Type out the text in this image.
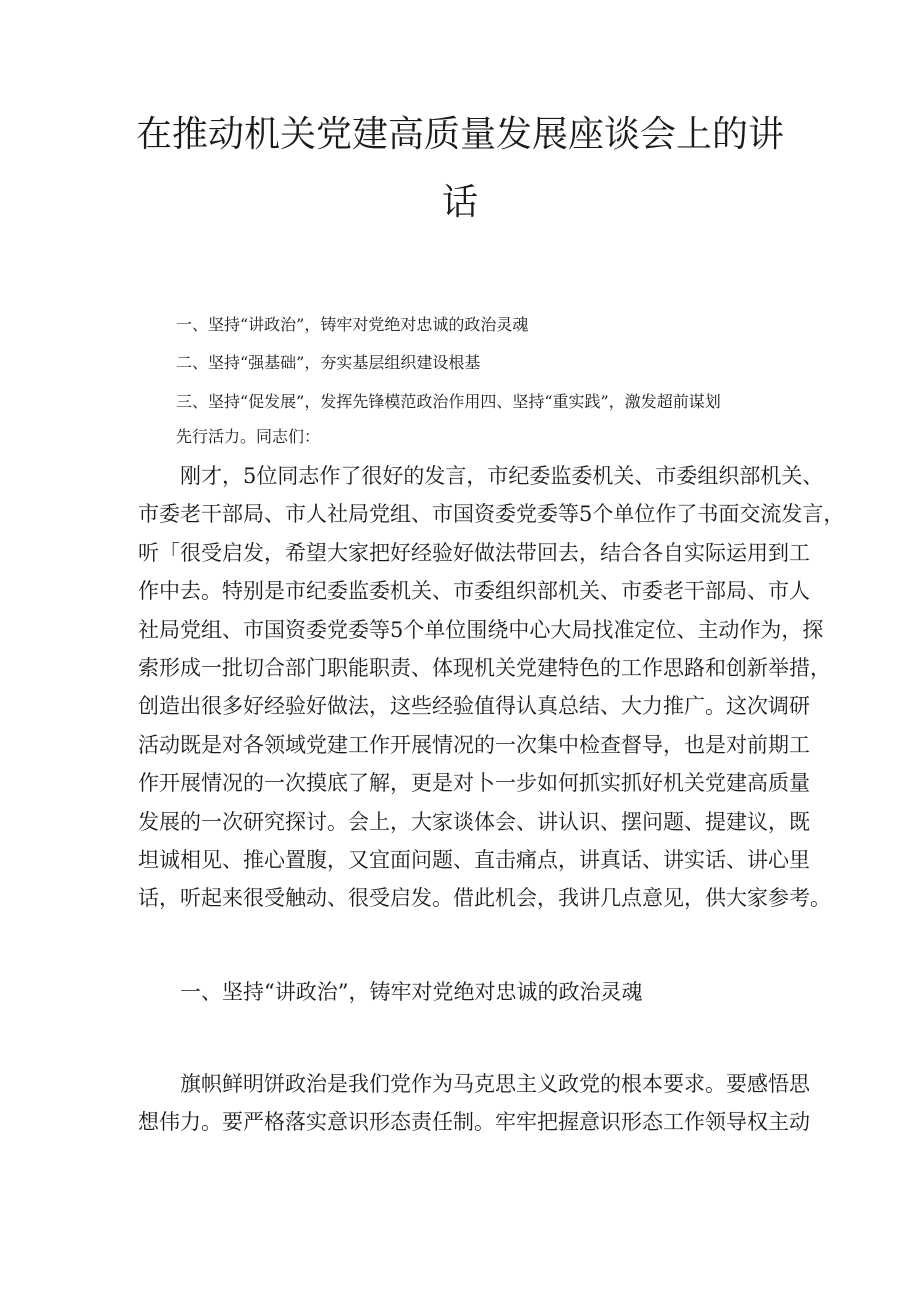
在推动机关党建高质量发展座谈会上的讲
话

一、坚持“讲政治”，铸牢对党绝对忠诚的政治灵魂

二、坚持“强基础”，夯实基层组织建设根基

三、坚持“促发展”，发挥先锋模范政治作用四、坚持“重实践”，激发超前谋划

先行活力。同志们：

刚才，5位同志作了很好的发言，市纪委监委机关、市委组织部机关、
市委老干部局、市人社局党组、市国资委党委等5个单位作了书面交流发言，
听「很受启发，希望大家把好经验好做法带回去，结合各自实际运用到工
作中去。特别是市纪委监委机关、市委组织部机关、市委老干部局、市人
社局党组、市国资委党委等5个单位围绕中心大局找准定位、主动作为，探
索形成一批切合部门职能职责、体现机关党建特色的工作思路和创新举措，
创造出很多好经验好做法，这些经验值得认真总结、大力推广。这次调研
活动既是对各领域党建工作开展情况的一次集中检查督导，也是对前期工
作开展情况的一次摸底了解，更是对卜一步如何抓实抓好机关党建高质量
发展的一次研究探讨。会上，大家谈体会、讲认识、摆问题、提建议，既
坦诚相见、推心置腹，又宜面问题、直击痛点，讲真话、讲实话、讲心里
话，听起来很受触动、很受启发。借此机会，我讲几点意见，供大家参考。
一、坚持“讲政治”，铸牢对党绝对忠诚的政治灵魂
旗帜鲜明饼政治是我们党作为马克思主义政党的根本要求。要感悟思
想伟力。要严格落实意识形态责任制。牢牢把握意识形态工作领导权主动
